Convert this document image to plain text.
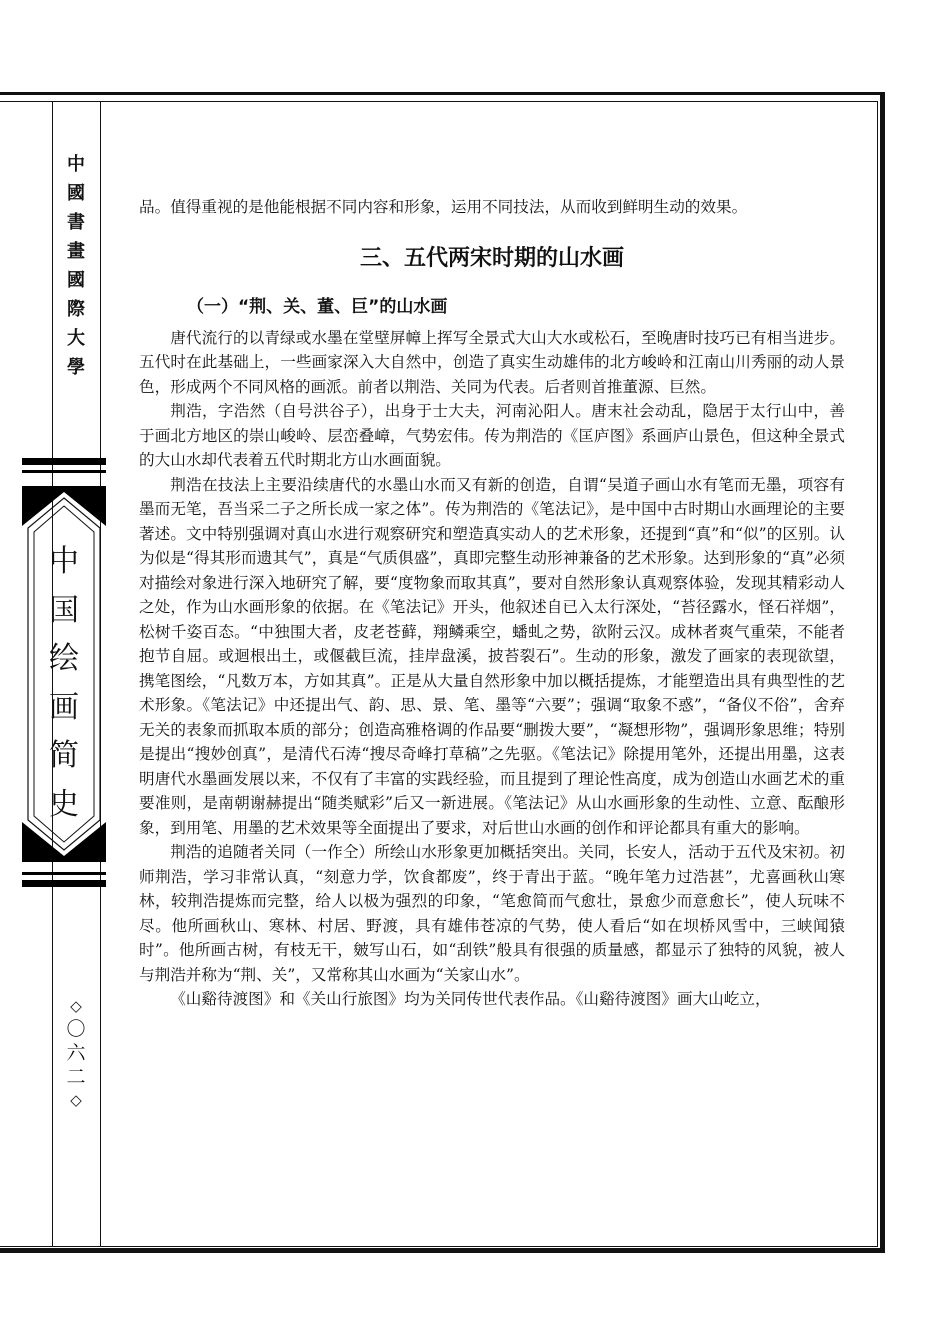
中
國
書
畫
國
際
大
學
中
国
绘
画
简
史
◇
〇
六
二
◇

品。值得重视的是他能根据不同内容和形象，运用不同技法，从而收到鲜明生动的效果。

三、五代两宋时期的山水画
（一）“荆、关、董、巨”的山水画

唐代流行的以青绿或水墨在堂壁屏幛上挥写全景式大山大水或松石，至晚唐时技巧已有相当进步。五代时在此基础上，一些画家深入大自然中，创造了真实生动雄伟的北方峻岭和江南山川秀丽的动人景色，形成两个不同风格的画派。前者以荆浩、关同为代表。后者则首推董源、巨然。

荆浩，字浩然（自号洪谷子），出身于士大夫，河南沁阳人。唐末社会动乱，隐居于太行山中，善于画北方地区的崇山峻岭、层峦叠嶂，气势宏伟。传为荆浩的《匡庐图》系画庐山景色，但这种全景式的大山水却代表着五代时期北方山水画面貌。

荆浩在技法上主要沿续唐代的水墨山水而又有新的创造，自谓“吴道子画山水有笔而无墨，项容有墨而无笔，吾当采二子之所长成一家之体”。传为荆浩的《笔法记》，是中国中古时期山水画理论的主要著述。文中特别强调对真山水进行观察研究和塑造真实动人的艺术形象，还提到“真”和“似”的区别。认为似是“得其形而遗其气”，真是“气质俱盛”，真即完整生动形神兼备的艺术形象。达到形象的“真”必须对描绘对象进行深入地研究了解，要“度物象而取其真”，要对自然形象认真观察体验，发现其精彩动人之处，作为山水画形象的依据。在《笔法记》开头，他叙述自已入太行深处，“苔径露水，怪石祥烟”，松树千姿百态。“中独围大者，皮老苍藓，翔鳞乘空，蟠虬之势，欲附云汉。成林者爽气重荣，不能者抱节自屈。或迴根出土，或偃截巨流，挂岸盘溪，披苔裂石”。生动的形象，激发了画家的表现欲望，携笔图绘，“凡数万本，方如其真”。正是从大量自然形象中加以概括提炼，才能塑造出具有典型性的艺术形象。《笔法记》中还提出气、韵、思、景、笔、墨等“六要”；强调“取象不惑”，“备仪不俗”，舍弃无关的表象而抓取本质的部分；创造高雅格调的作品要“删拨大要”，“凝想形物”，强调形象思维；特别是提出“搜妙创真”，是清代石涛“搜尽奇峰打草稿”之先驱。《笔法记》除提用笔外，还提出用墨，这表明唐代水墨画发展以来，不仅有了丰富的实践经验，而且提到了理论性高度，成为创造山水画艺术的重要准则，是南朝谢赫提出“随类赋彩”后又一新进展。《笔法记》从山水画形象的生动性、立意、酝酿形象，到用笔、用墨的艺术效果等全面提出了要求，对后世山水画的创作和评论都具有重大的影响。

荆浩的追随者关同（一作仝）所绘山水形象更加概括突出。关同，长安人，活动于五代及宋初。初师荆浩，学习非常认真，“刻意力学，饮食都废”，终于青出于蓝。“晚年笔力过浩甚”，尤喜画秋山寒林，较荆浩提炼而完整，给人以极为强烈的印象，“笔愈简而气愈壮，景愈少而意愈长”，使人玩味不尽。他所画秋山、寒林、村居、野渡，具有雄伟苍凉的气势，使人看后“如在坝桥风雪中，三峡闻猿时”。他所画古树，有枝无干，皴写山石，如“刮铁”般具有很强的质量感，都显示了独特的风貌，被人与荆浩并称为“荆、关”，又常称其山水画为“关家山水”。

《山谿待渡图》和《关山行旅图》均为关同传世代表作品。《山谿待渡图》画大山屹立，
